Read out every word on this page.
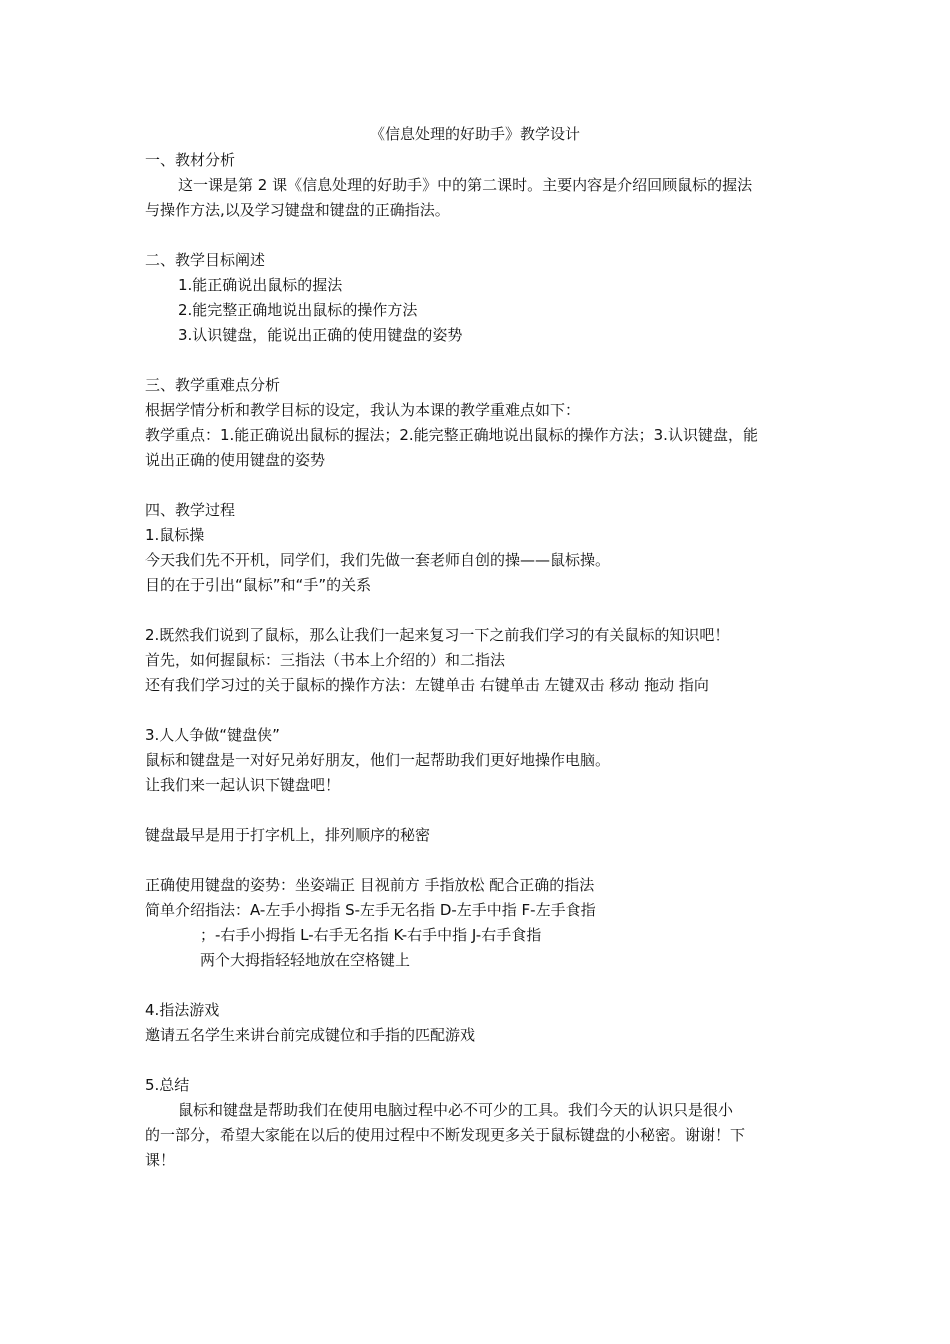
《信息处理的好助手》教学设计
一、教材分析
这一课是第 2 课《信息处理的好助手》中的第二课时。主要内容是介绍回顾鼠标的握法
与操作方法,以及学习键盘和键盘的正确指法。
二、教学目标阐述
1.能正确说出鼠标的握法
2.能完整正确地说出鼠标的操作方法
3.认识键盘，能说出正确的使用键盘的姿势
三、教学重难点分析
根据学情分析和教学目标的设定，我认为本课的教学重难点如下：
教学重点：1.能正确说出鼠标的握法；2.能完整正确地说出鼠标的操作方法；3.认识键盘，能
说出正确的使用键盘的姿势
四、教学过程
1.鼠标操
今天我们先不开机，同学们，我们先做一套老师自创的操——鼠标操。
目的在于引出“鼠标”和“手”的关系
2.既然我们说到了鼠标，那么让我们一起来复习一下之前我们学习的有关鼠标的知识吧！
首先，如何握鼠标：三指法（书本上介绍的）和二指法
还有我们学习过的关于鼠标的操作方法：左键单击 右键单击 左键双击 移动 拖动 指向
3.人人争做“键盘侠”
鼠标和键盘是一对好兄弟好朋友，他们一起帮助我们更好地操作电脑。
让我们来一起认识下键盘吧！
键盘最早是用于打字机上，排列顺序的秘密
正确使用键盘的姿势：坐姿端正 目视前方 手指放松 配合正确的指法
简单介绍指法：A-左手小拇指 S-左手无名指 D-左手中指 F-左手食指
；-右手小拇指 L-右手无名指 K-右手中指 J-右手食指
两个大拇指轻轻地放在空格键上
4.指法游戏
邀请五名学生来讲台前完成键位和手指的匹配游戏
5.总结
鼠标和键盘是帮助我们在使用电脑过程中必不可少的工具。我们今天的认识只是很小
的一部分，希望大家能在以后的使用过程中不断发现更多关于鼠标键盘的小秘密。谢谢！下
课！
